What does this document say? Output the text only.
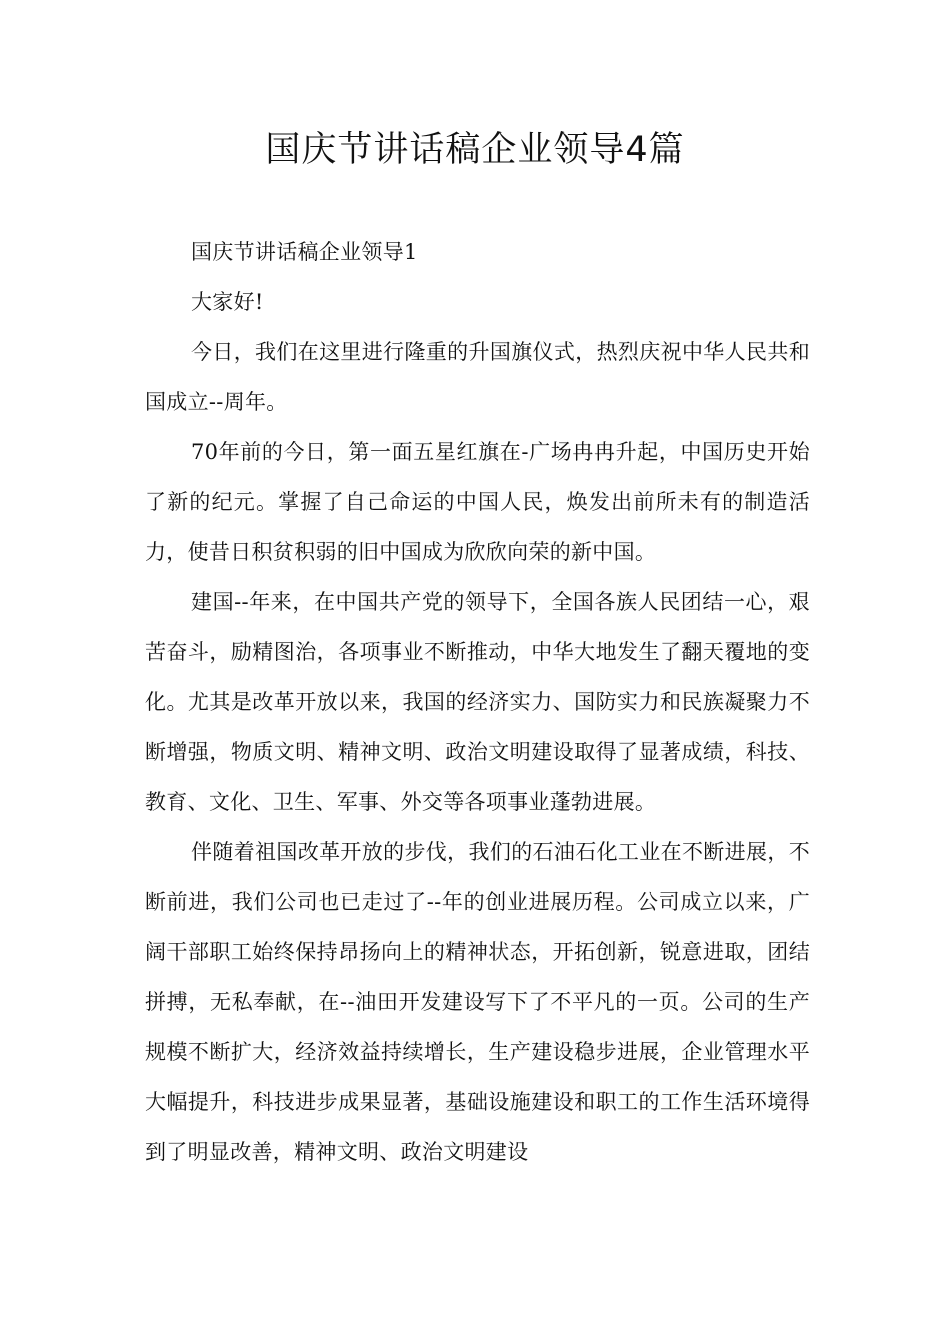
国庆节讲话稿企业领导4篇

国庆节讲话稿企业领导1

大家好!

今日，我们在这里进行隆重的升国旗仪式，热烈庆祝中华人民共和国成立--周年。

70年前的今日，第一面五星红旗在-广场冉冉升起，中国历史开始了新的纪元。掌握了自己命运的中国人民，焕发出前所未有的制造活力，使昔日积贫积弱的旧中国成为欣欣向荣的新中国。

建国--年来，在中国共产党的领导下，全国各族人民团结一心，艰苦奋斗，励精图治，各项事业不断推动，中华大地发生了翻天覆地的变化。尤其是改革开放以来，我国的经济实力、国防实力和民族凝聚力不断增强，物质文明、精神文明、政治文明建设取得了显著成绩，科技、教育、文化、卫生、军事、外交等各项事业蓬勃进展。

伴随着祖国改革开放的步伐，我们的石油石化工业在不断进展，不断前进，我们公司也已走过了--年的创业进展历程。公司成立以来，广阔干部职工始终保持昂扬向上的精神状态，开拓创新，锐意进取，团结拼搏，无私奉献，在--油田开发建设写下了不平凡的一页。公司的生产规模不断扩大，经济效益持续增长，生产建设稳步进展，企业管理水平大幅提升，科技进步成果显著，基础设施建设和职工的工作生活环境得到了明显改善，精神文明、政治文明建设
